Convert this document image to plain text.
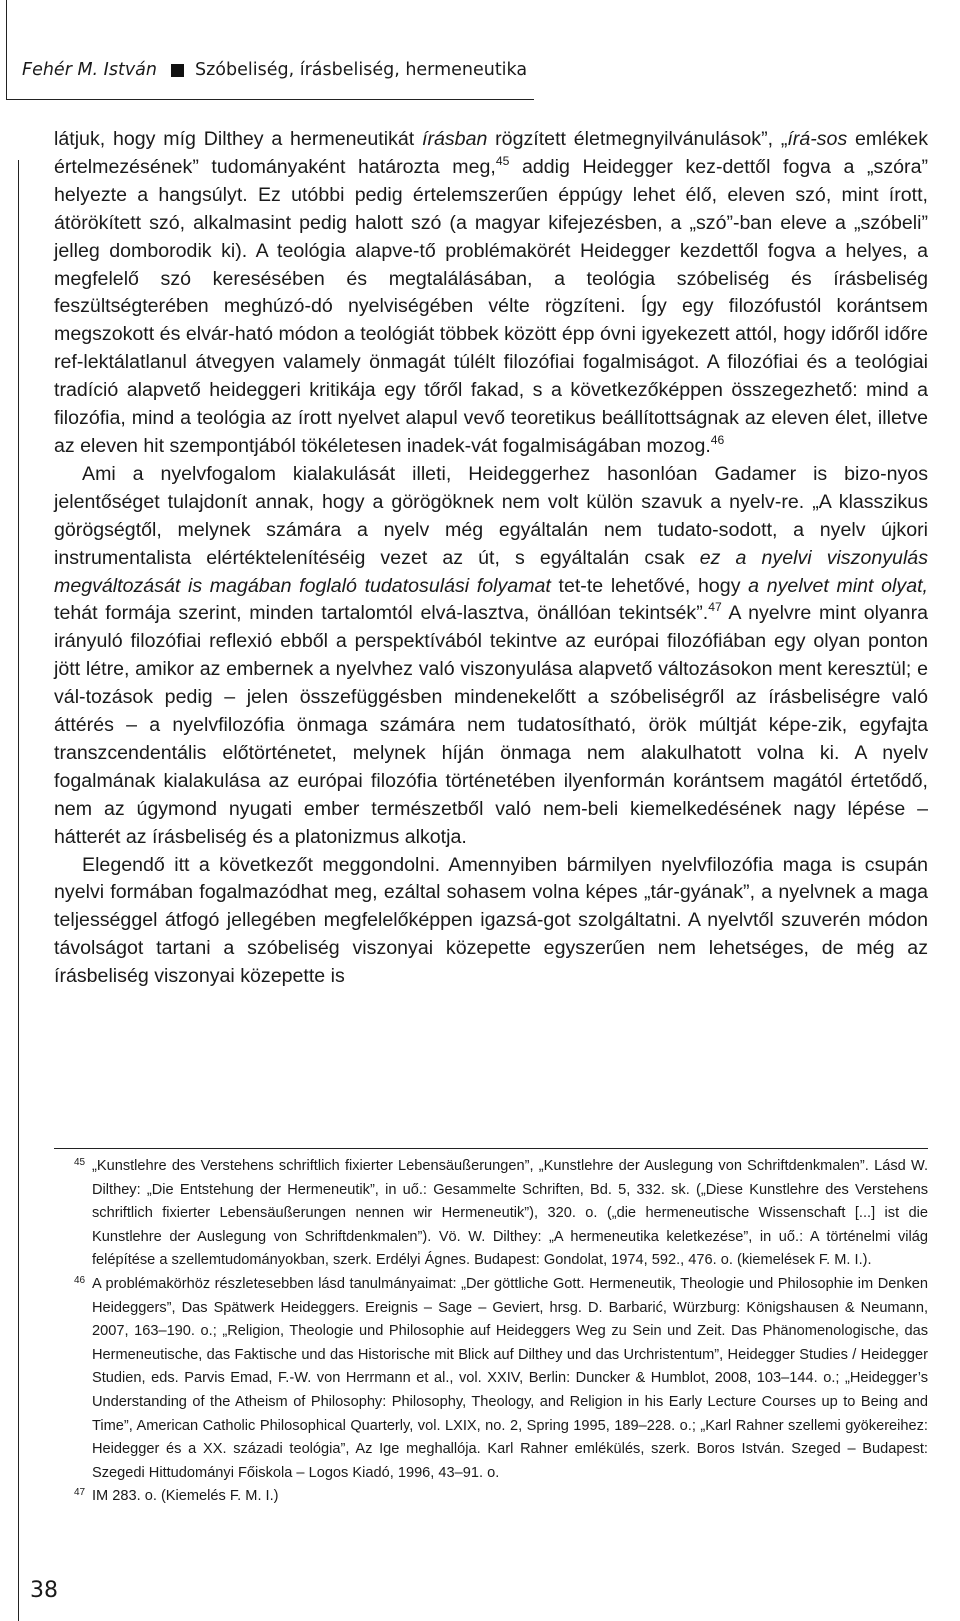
Fehér M. István Szóbeliség, írásbeliség, hermeneutika

látjuk, hogy míg Dilthey a hermeneutikát írásban rögzített életmegnyilvánulások”, „írá-sos emlékek értelmezésének” tudományaként határozta meg,$^{45}$ addig Heidegger kez-dettől fogva a „szóra” helyezte a hangsúlyt. Ez utóbbi pedig értelemszerűen éppúgy lehet élő, eleven szó, mint írott, átörökített szó, alkalmasint pedig halott szó (a magyar kifejezésben, a „szó”-ban eleve a „szóbeli” jelleg domborodik ki). A teológia alapve-tő problémakörét Heidegger kezdettől fogva a helyes, a megfelelő szó keresésében és megtalálásában, a teológia szóbeliség és írásbeliség feszültségterében meghúzó-dó nyelviségében vélte rögzíteni. Így egy filozófustól korántsem megszokott és elvár-ható módon a teológiát többek között épp óvni igyekezett attól, hogy időről időre ref-lektálatlanul átvegyen valamely önmagát túlélt filozófiai fogalmiságot. A filozófiai és a teológiai tradíció alapvető heideggeri kritikája egy tőről fakad, s a következőképpen összegezhető: mind a filozófia, mind a teológia az írott nyelvet alapul vevő teoretikus beállítottságnak az eleven élet, illetve az eleven hit szempontjából tökéletesen inadek-vát fogalmiságában mozog.$^{46}$

Ami a nyelvfogalom kialakulását illeti, Heideggerhez hasonlóan Gadamer is bizo-nyos jelentőséget tulajdonít annak, hogy a görögöknek nem volt külön szavuk a nyelv-re. „A klasszikus görögségtől, melynek számára a nyelv még egyáltalán nem tudato-sodott, a nyelv újkori instrumentalista elértéktelenítéséig vezet az út, s egyáltalán csak ez a nyelvi viszonyulás megváltozását is magában foglaló tudatosulási folyamat tet-te lehetővé, hogy a nyelvet mint olyat, tehát formája szerint, minden tartalomtól elvá-lasztva, önállóan tekintsék”.$^{47}$ A nyelvre mint olyanra irányuló filozófiai reflexió ebből a perspektívából tekintve az európai filozófiában egy olyan ponton jött létre, amikor az embernek a nyelvhez való viszonyulása alapvető változásokon ment keresztül; e vál-tozások pedig – jelen összefüggésben mindenekelőtt a szóbeliségről az írásbeliségre való áttérés – a nyelvfilozófia önmaga számára nem tudatosítható, örök múltját képe-zik, egyfajta transzcendentális előtörténetet, melynek híján önmaga nem alakulhatott volna ki. A nyelv fogalmának kialakulása az európai filozófia történetében ilyenformán korántsem magától értetődő, nem az úgymond nyugati ember természetből való nem-beli kiemelkedésének nagy lépése – hátterét az írásbeliség és a platonizmus alkotja.

Elegendő itt a következőt meggondolni. Amennyiben bármilyen nyelvfilozófia maga is csupán nyelvi formában fogalmazódhat meg, ezáltal sohasem volna képes „tár-gyának”, a nyelvnek a maga teljességgel átfogó jellegében megfelelőképpen igazsá-got szolgáltatni. A nyelvtől szuverén módon távolságot tartani a szóbeliség viszonyai közepette egyszerűen nem lehetséges, de még az írásbeliség viszonyai közepette is

45 „Kunstlehre des Verstehens schriftlich fixierter Lebensäußerungen”, „Kunstlehre der Auslegung von Schriftdenkmalen”. Lásd W. Dilthey: „Die Entstehung der Hermeneutik”, in uő.: Gesammelte Schriften, Bd. 5, 332. sk. („Diese Kunstlehre des Verstehens schriftlich fixierter Lebensäußerungen nennen wir Hermeneutik”), 320. o. („die hermeneutische Wissenschaft [...] ist die Kunstlehre der Auslegung von Schriftdenkmalen”). Vö. W. Dilthey: „A hermeneutika keletkezése”, in uő.: A történelmi világ felépítése a szellemtudományokban, szerk. Erdélyi Ágnes. Budapest: Gondolat, 1974, 592., 476. o. (kiemelések F. M. I.).

46 A problémakörhöz részletesebben lásd tanulmányaimat: „Der göttliche Gott. Hermeneutik, Theologie und Philosophie im Denken Heideggers”, Das Spätwerk Heideggers. Ereignis – Sage – Geviert, hrsg. D. Barbarić, Würzburg: Königshausen & Neumann, 2007, 163–190. o.; „Religion, Theologie und Philosophie auf Heideggers Weg zu Sein und Zeit. Das Phänomenologische, das Hermeneutische, das Faktische und das Historische mit Blick auf Dilthey und das Urchristentum”, Heidegger Studies / Heidegger Studien, eds. Parvis Emad, F.-W. von Herrmann et al., vol. XXIV, Berlin: Duncker & Humblot, 2008, 103–144. o.; „Heidegger’s Understanding of the Atheism of Philosophy: Philosophy, Theology, and Religion in his Early Lecture Courses up to Being and Time”, American Catholic Philosophical Quarterly, vol. LXIX, no. 2, Spring 1995, 189–228. o.; „Karl Rahner szellemi gyökereihez: Heidegger és a XX. századi teológia”, Az Ige meghallója. Karl Rahner emlékülés, szerk. Boros István. Szeged – Budapest: Szegedi Hittudományi Főiskola – Logos Kiadó, 1996, 43–91. o.

47 IM 283. o. (Kiemelés F. M. I.)

38
